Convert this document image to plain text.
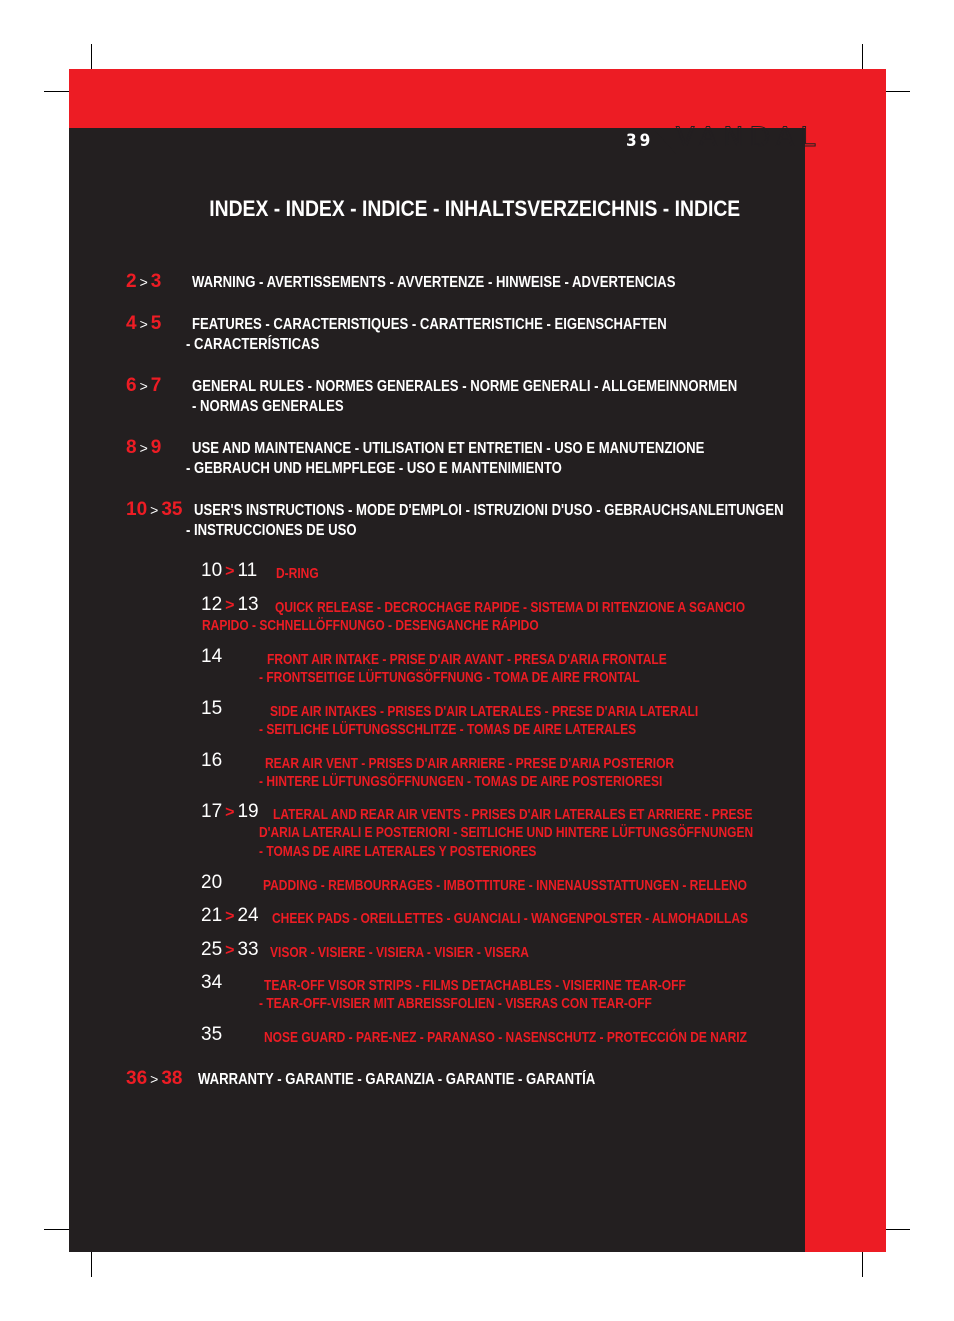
39 VANDAL
INDEX - INDEX - INDICE - INHALTSVERZEICHNIS - INDICE
2 > 3 WARNING - AVERTISSEMENTS - AVVERTENZE - HINWEISE - ADVERTENCIAS
4 > 5 FEATURES - CARACTERISTIQUES - CARATTERISTICHE - EIGENSCHAFTEN
- CARACTERÍSTICAS
6 > 7 GENERAL RULES - NORMES GENERALES - NORME GENERALI - ALLGEMEINNORMEN
- NORMAS GENERALES
8 > 9 USE AND MAINTENANCE - UTILISATION ET ENTRETIEN - USO E MANUTENZIONE
- GEBRAUCH UND HELMPFLEGE - USO E MANTENIMIENTO
10 > 35 USER'S INSTRUCTIONS - MODE D'EMPLOI - ISTRUZIONI D'USO - GEBRAUCHSANLEITUNGEN
- INSTRUCCIONES DE USO
10 > 11 D-RING
12 > 13 QUICK RELEASE - DECROCHAGE RAPIDE - SISTEMA DI RITENZIONE A SGANCIO
RAPIDO - SCHNELLÖFFNUNGO - DESENGANCHE RÁPIDO
14	FRONT AIR INTAKE - PRISE D'AIR AVANT - PRESA D'ARIA FRONTALE
- FRONTSEITIGE LÜFTUNGSÖFFNUNG - TOMA DE AIRE FRONTAL
15	SIDE AIR INTAKES - PRISES D'AIR LATERALES - PRESE D'ARIA LATERALI
- SEITLICHE LÜFTUNGSSCHLITZE - TOMAS DE AIRE LATERALES
16	REAR AIR VENT - PRISES D'AIR ARRIERE - PRESE D'ARIA POSTERIOR
- HINTERE LÜFTUNGSÖFFNUNGEN - TOMAS DE AIRE POSTERIORESI
17 > 19 LATERAL AND REAR AIR VENTS - PRISES D'AIR LATERALES ET ARRIERE - PRESE
D'ARIA LATERALI E POSTERIORI - SEITLICHE UND HINTERE LÜFTUNGSÖFFNUNGEN
- TOMAS DE AIRE LATERALES Y POSTERIORES
20	PADDING - REMBOURRAGES - IMBOTTITURE - INNENAUSSTATTUNGEN - RELLENO
21 > 24 CHEEK PADS - OREILLETTES - GUANCIALI - WANGENPOLSTER - ALMOHADILLAS
25 > 33 VISOR - VISIERE - VISIERA - VISIER - VISERA
34	TEAR-OFF VISOR STRIPS - FILMS DETACHABLES - VISIERINE TEAR-OFF
- TEAR-OFF-VISIER MIT ABREISSFOLIEN - VISERAS CON TEAR-OFF
35	NOSE GUARD - PARE-NEZ - PARANASO - NASENSCHUTZ - PROTECCIÓN DE NARIZ
36 > 38 WARRANTY - GARANTIE - GARANZIA - GARANTIE - GARANTÍA
